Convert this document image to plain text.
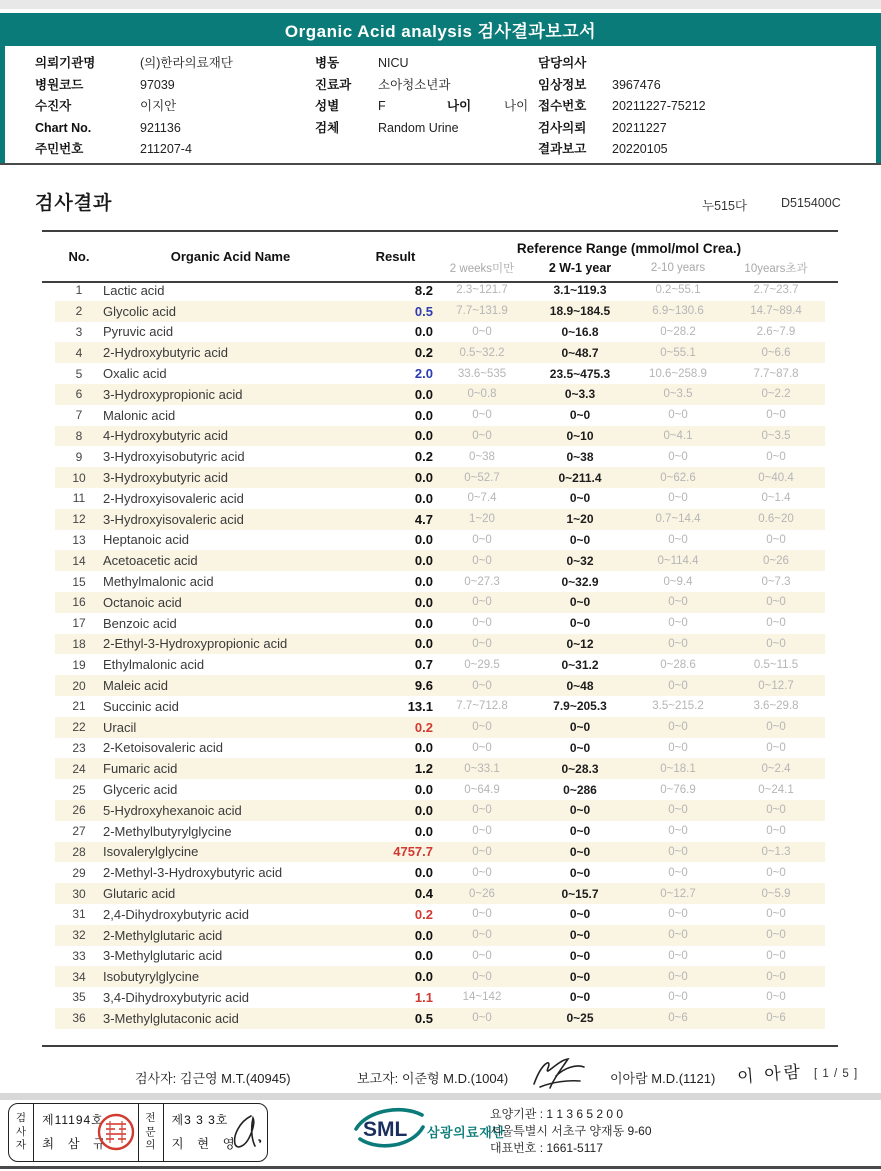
Organic Acid analysis 검사결과보고서
의뢰기관명	(의)한라의료재단
병원코드	97039
수진자	이지안
Chart No.	921136
주민번호	211207-4
병동	NICU
진료과 소아청소년과
성별	F	나이	나이
검체	Random Urine
담당의사
임상정보 3967476
접수번호 20211227-75212
검사의뢰 20211227
결과보고 20220105
검사결과	누515다	D515400C
No.	Organic Acid Name	Result	Reference Range (mmol/mol Crea.)			
			2 weeks미만	2 W-1 year	2-10 years	10years초과
1	Lactic acid	8.2	2.3~121.7	3.1~119.3	0.2~55.1	2.7~23.7
2	Glycolic acid	0.5	7.7~131.9	18.9~184.5	6.9~130.6	14.7~89.4
3	Pyruvic acid	0.0	0~0	0~16.8	0~28.2	2.6~7.9
4	2-Hydroxybutyric acid	0.2	0.5~32.2	0~48.7	0~55.1	0~6.6
5	Oxalic acid	2.0	33.6~535	23.5~475.3	10.6~258.9	7.7~87.8
6	3-Hydroxypropionic acid	0.0	0~0.8	0~3.3	0~3.5	0~2.2
7	Malonic acid	0.0	0~0	0~0	0~0	0~0
8	4-Hydroxybutyric acid	0.0	0~0	0~10	0~4.1	0~3.5
9	3-Hydroxyisobutyric acid	0.2	0~38	0~38	0~0	0~0
10	3-Hydroxybutyric acid	0.0	0~52.7	0~211.4	0~62.6	0~40.4
11	2-Hydroxyisovaleric acid	0.0	0~7.4	0~0	0~0	0~1.4
12	3-Hydroxyisovaleric acid	4.7	1~20	1~20	0.7~14.4	0.6~20
13	Heptanoic acid	0.0	0~0	0~0	0~0	0~0
14	Acetoacetic acid	0.0	0~0	0~32	0~114.4	0~26
15	Methylmalonic acid	0.0	0~27.3	0~32.9	0~9.4	0~7.3
16	Octanoic acid	0.0	0~0	0~0	0~0	0~0
17	Benzoic acid	0.0	0~0	0~0	0~0	0~0
18	2-Ethyl-3-Hydroxypropionic acid	0.0	0~0	0~12	0~0	0~0
19	Ethylmalonic acid	0.7	0~29.5	0~31.2	0~28.6	0.5~11.5
20	Maleic acid	9.6	0~0	0~48	0~0	0~12.7
21	Succinic acid	13.1	7.7~712.8	7.9~205.3	3.5~215.2	3.6~29.8
22	Uracil	0.2	0~0	0~0	0~0	0~0
23	2-Ketoisovaleric acid	0.0	0~0	0~0	0~0	0~0
24	Fumaric acid	1.2	0~33.1	0~28.3	0~18.1	0~2.4
25	Glyceric acid	0.0	0~64.9	0~286	0~76.9	0~24.1
26	5-Hydroxyhexanoic acid	0.0	0~0	0~0	0~0	0~0
27	2-Methylbutyrylglycine	0.0	0~0	0~0	0~0	0~0
28	Isovalerylglycine	4757.7	0~0	0~0	0~0	0~1.3
29	2-Methyl-3-Hydroxybutyric acid	0.0	0~0	0~0	0~0	0~0
30	Glutaric acid	0.4	0~26	0~15.7	0~12.7	0~5.9
31	2,4-Dihydroxybutyric acid	0.2	0~0	0~0	0~0	0~0
32	2-Methylglutaric acid	0.0	0~0	0~0	0~0	0~0
33	3-Methylglutaric acid	0.0	0~0	0~0	0~0	0~0
34	Isobutyrylglycine	0.0	0~0	0~0	0~0	0~0
35	3,4-Dihydroxybutyric acid	1.1	14~142	0~0	0~0	0~0
36	3-Methylglutaconic acid	0.5	0~0	0~25	0~6	0~6
검사자: 김근영 M.T.(40945)	보고자: 이준형 M.D.(1004)	이아람 M.D.(1121) 이 아람 [ 1 / 5 ]
검
사
자
제11194호
최 삼 규
전
문
의
제3 3 3호
지 현 영
SML 삼광의료재단
요양기관 : 1 1 3 6 5 2 0 0
서울특별시 서초구 양재동 9-60
대표번호 : 1661-5117
